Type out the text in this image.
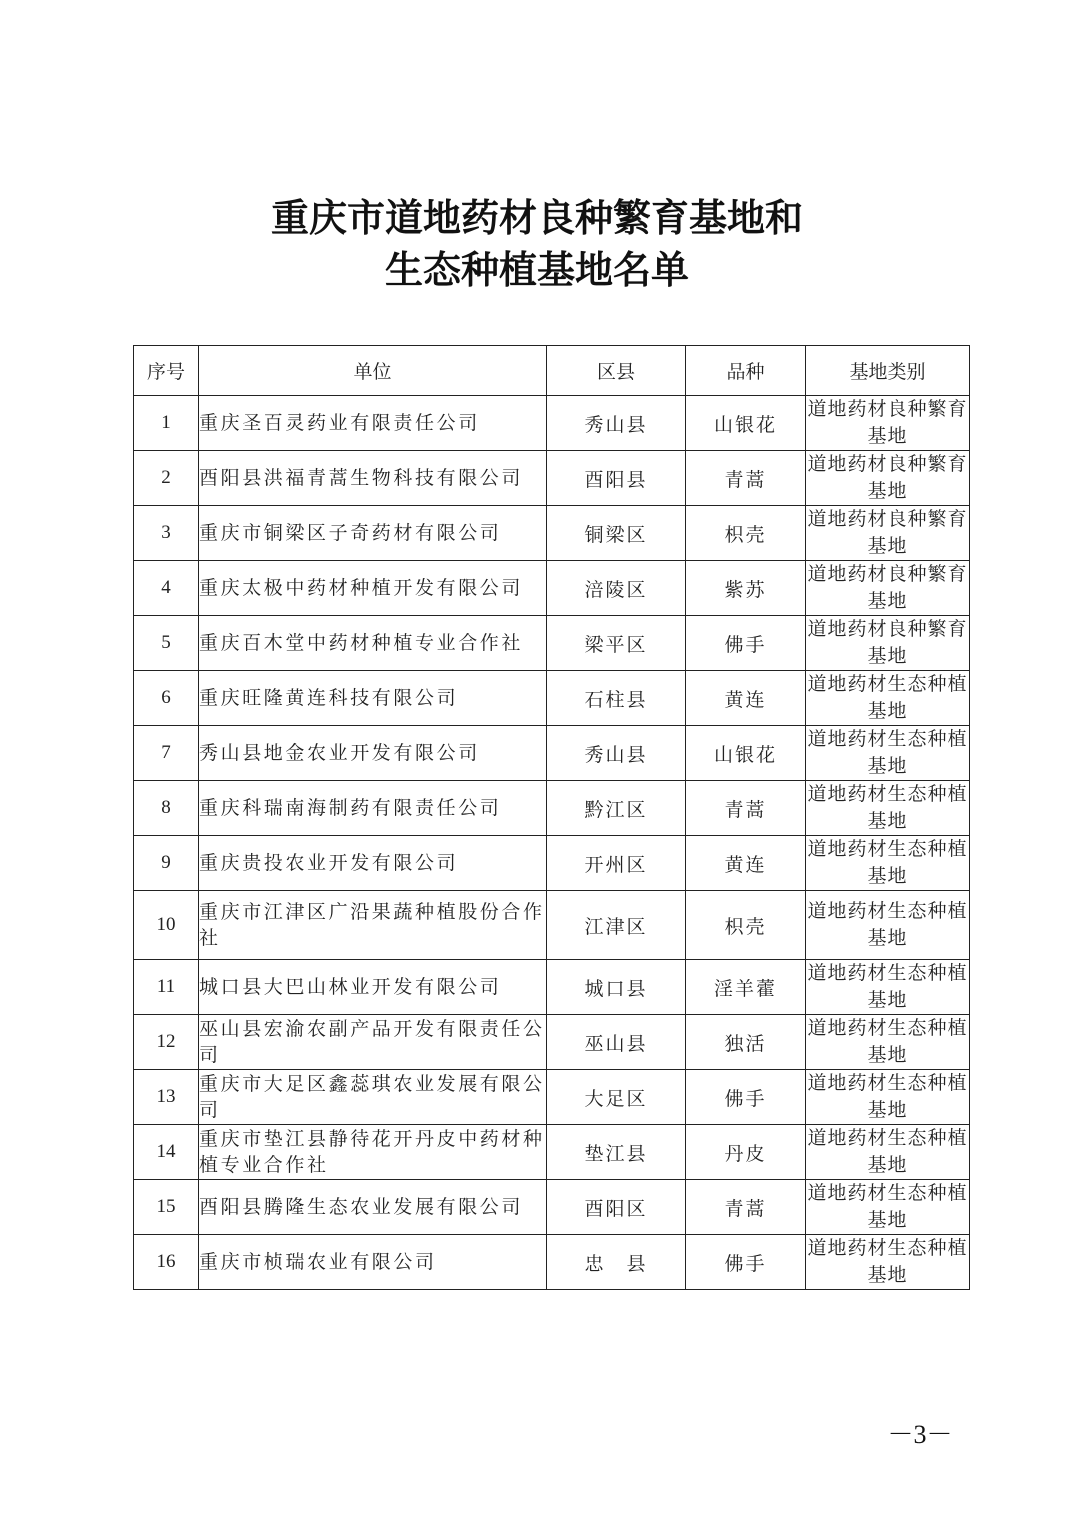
重庆市道地药材良种繁育基地和
生态种植基地名单
序号	单位	区县	品种	基地类别
1	重庆圣百灵药业有限责任公司	秀山县	山银花	道地药材良种繁育基地
2	酉阳县洪福青蒿生物科技有限公司	酉阳县	青蒿	道地药材良种繁育基地
3	重庆市铜梁区子奇药材有限公司	铜梁区	枳壳	道地药材良种繁育基地
4	重庆太极中药材种植开发有限公司	涪陵区	紫苏	道地药材良种繁育基地
5	重庆百木堂中药材种植专业合作社	梁平区	佛手	道地药材良种繁育基地
6	重庆旺隆黄连科技有限公司	石柱县	黄连	道地药材生态种植基地
7	秀山县地金农业开发有限公司	秀山县	山银花	道地药材生态种植基地
8	重庆科瑞南海制药有限责任公司	黔江区	青蒿	道地药材生态种植基地
9	重庆贵投农业开发有限公司	开州区	黄连	道地药材生态种植基地
10	重庆市江津区广沿果蔬种植股份合作社	江津区	枳壳	道地药材生态种植基地
11	城口县大巴山林业开发有限公司	城口县	淫羊藿	道地药材生态种植基地
12	巫山县宏渝农副产品开发有限责任公司	巫山县	独活	道地药材生态种植基地
13	重庆市大足区鑫蕊琪农业发展有限公司	大足区	佛手	道地药材生态种植基地
14	重庆市垫江县静待花开丹皮中药材种植专业合作社	垫江县	丹皮	道地药材生态种植基地
15	酉阳县腾隆生态农业发展有限公司	酉阳区	青蒿	道地药材生态种植基地
16	重庆市桢瑞农业有限公司	忠　县	佛手	道地药材生态种植基地
－3－
